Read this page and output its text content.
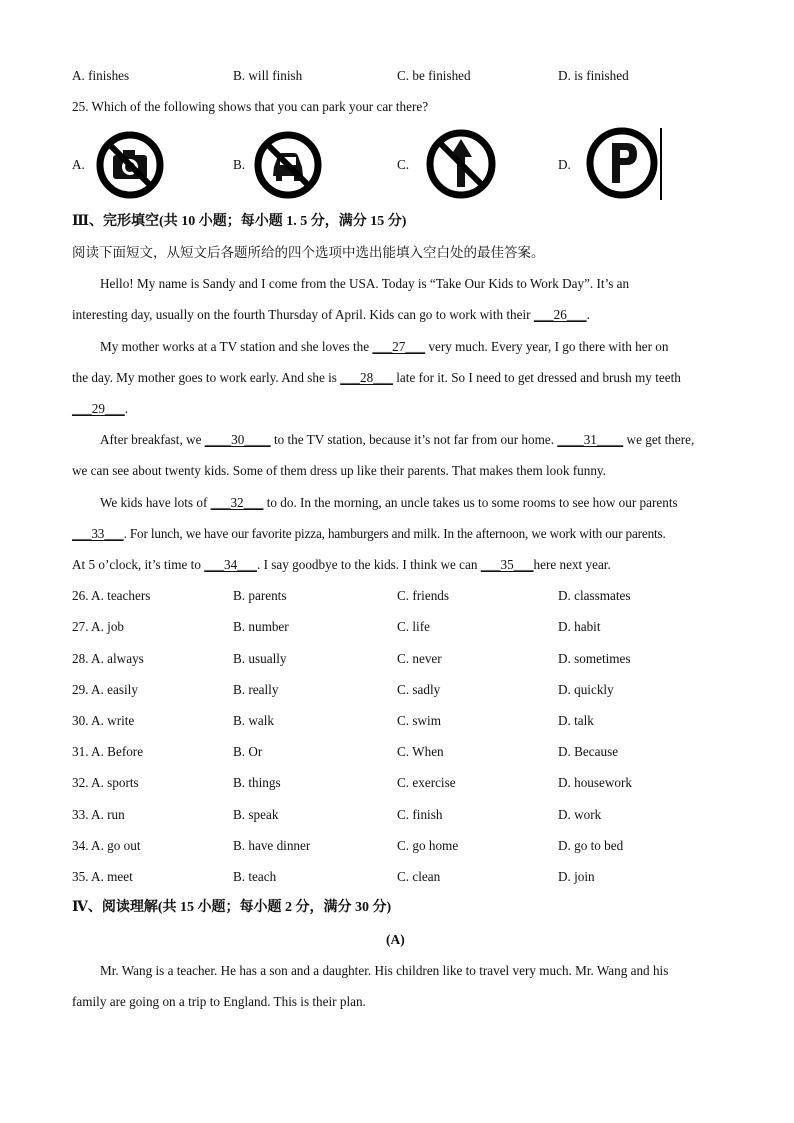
A. finishes	B. will finish	C. be finished	D. is finished
25. Which of the following shows that you can park your car there?
A.	B.	C.	D.
Ⅲ、完形填空(共 10 小题；每小题 1. 5 分，满分 15 分)
阅读下面短文，从短文后各题所给的四个选项中选出能填入空白处的最佳答案。
Hello! My name is Sandy and I come from the USA. Today is “Take Our Kids to Work Day”. It’s an
interesting day, usually on the fourth Thursday of April. Kids can go to work with their ___26___.
My mother works at a TV station and she loves the ___27___ very much. Every year, I go there with her on
the day. My mother goes to work early. And she is ___28___ late for it. So I need to get dressed and brush my teeth
___29___.
After breakfast, we ____30____ to the TV station, because it’s not far from our home. ____31____ we get there,
we can see about twenty kids. Some of them dress up like their parents. That makes them look funny.
We kids have lots of ___32___ to do. In the morning, an uncle takes us to some rooms to see how our parents
___33___. For lunch, we have our favorite pizza, hamburgers and milk. In the afternoon, we work with our parents.
At 5 o’clock, it’s time to ___34___. I say goodbye to the kids. I think we can ___35___here next year.
26. A. teachers	B. parents	C. friends	D. classmates
27. A. job	B. number	C. life	D. habit
28. A. always	B. usually	C. never	D. sometimes
29. A. easily	B. really	C. sadly	D. quickly
30. A. write	B. walk	C. swim	D. talk
31. A. Before	B. Or	C. When	D. Because
32. A. sports	B. things	C. exercise	D. housework
33. A. run	B. speak	C. finish	D. work
34. A. go out	B. have dinner	C. go home	D. go to bed
35. A. meet	B. teach	C. clean	D. join
Ⅳ、阅读理解(共 15 小题；每小题 2 分，满分 30 分)
(A)
Mr. Wang is a teacher. He has a son and a daughter. His children like to travel very much. Mr. Wang and his
family are going on a trip to England. This is their plan.
